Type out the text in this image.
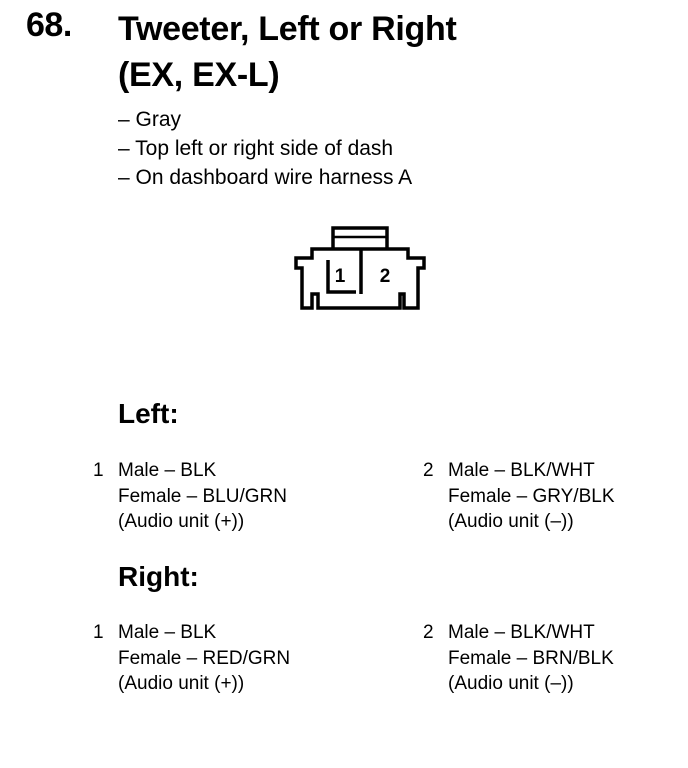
68. Tweeter, Left or Right
(EX, EX-L)
– Gray
– Top left or right side of dash
– On dashboard wire harness A
1 2
Left:
1 Male – BLK
Female – BLU/GRN
(Audio unit (+))
2 Male – BLK/WHT
Female – GRY/BLK
(Audio unit (–))
Right:
1 Male – BLK
Female – RED/GRN
(Audio unit (+))
2 Male – BLK/WHT
Female – BRN/BLK
(Audio unit (–))
